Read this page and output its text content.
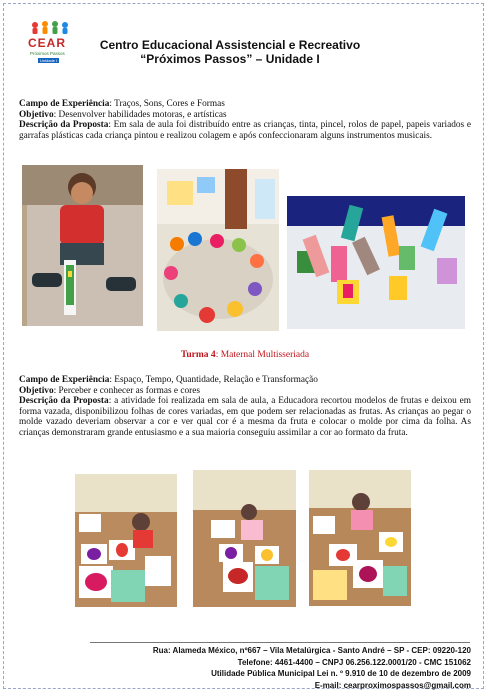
CEAR
Próximos Passos
Unidade I
Centro Educacional Assistencial e Recreativo
“Próximos Passos” – Unidade I

Campo de Experiência: Traços, Sons, Cores e Formas

Objetivo: Desenvolver habilidades motoras, e artísticas

Descrição da Proposta: Em sala de aula foi distribuído entre as crianças, tinta, pincel, rolos de papel, papeis variados e garrafas plásticas cada criança pintou e realizou colagem e após confeccionaram alguns instrumentos musicais.

Turma 4: Maternal Multisseriada

Campo de Experiência: Espaço, Tempo, Quantidade, Relação e Transformação

Objetivo: Perceber e conhecer as formas e cores

Descrição da Proposta: a atividade foi realizada em sala de aula, a Educadora recortou modelos de frutas e deixou em forma vazada, disponibilizou folhas de cores variadas, em que podem ser relacionadas as frutas. As crianças ao pegar o molde vazado deveriam observar a cor e ver qual cor é a mesma da fruta e colocar o molde por cima da folha. As crianças demonstraram grande entusiasmo e a sua maioria conseguiu assimilar a cor ao formato da fruta.

Rua: Alameda México, nº667 – Vila Metalúrgica - Santo André – SP - CEP: 09220-120
Telefone: 4461-4400 – CNPJ 06.256.122.0001/20 - CMC 151062
Utilidade Pública Municipal Lei n. º 9.910 de 10 de dezembro de 2009
E-mail: cearproximospassos@gmail.com
